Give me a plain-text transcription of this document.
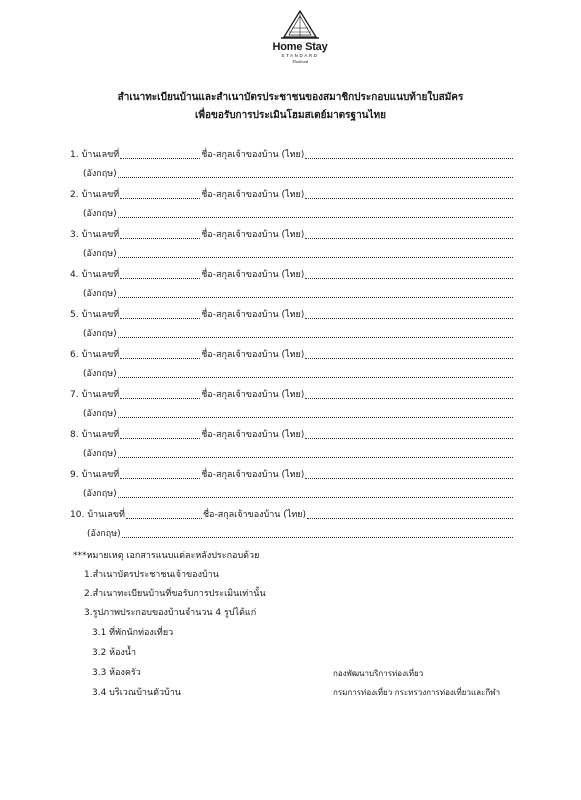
Home Stay
STANDARD
Thailand
สำเนาทะเบียนบ้านและสำเนาบัตรประชาชนของสมาชิกประกอบแนบท้ายใบสมัคร
เพื่อขอรับการประเมินโฮมสเตย์มาตรฐานไทย
1. บ้านเลขที่	ชื่อ-สกุลเจ้าของบ้าน (ไทย)
(อังกฤษ)
2. บ้านเลขที่	ชื่อ-สกุลเจ้าของบ้าน (ไทย)
(อังกฤษ)
3. บ้านเลขที่	ชื่อ-สกุลเจ้าของบ้าน (ไทย)
(อังกฤษ)
4. บ้านเลขที่	ชื่อ-สกุลเจ้าของบ้าน (ไทย)
(อังกฤษ)
5. บ้านเลขที่	ชื่อ-สกุลเจ้าของบ้าน (ไทย)
(อังกฤษ)
6. บ้านเลขที่	ชื่อ-สกุลเจ้าของบ้าน (ไทย)
(อังกฤษ)
7. บ้านเลขที่	ชื่อ-สกุลเจ้าของบ้าน (ไทย)
(อังกฤษ)
8. บ้านเลขที่	ชื่อ-สกุลเจ้าของบ้าน (ไทย)
(อังกฤษ)
9. บ้านเลขที่	ชื่อ-สกุลเจ้าของบ้าน (ไทย)
(อังกฤษ)
10. บ้านเลขที่	ชื่อ-สกุลเจ้าของบ้าน (ไทย)
(อังกฤษ)
***หมายเหตุ เอกสารแนบแต่ละหลังประกอบด้วย
1.สำเนาบัตรประชาชนเจ้าของบ้าน
2.สำเนาทะเบียนบ้านที่ขอรับการประเมินเท่านั้น
3.รูปภาพประกอบของบ้านจำนวน 4 รูปได้แก่
3.1 ที่พักนักท่องเที่ยว
3.2 ห้องน้ำ
3.3 ห้องครัว
3.4 บริเวณบ้านตัวบ้าน
กองพัฒนาบริการท่องเที่ยว
กรมการท่องเที่ยว กระทรวงการท่องเที่ยวและกีฬา
